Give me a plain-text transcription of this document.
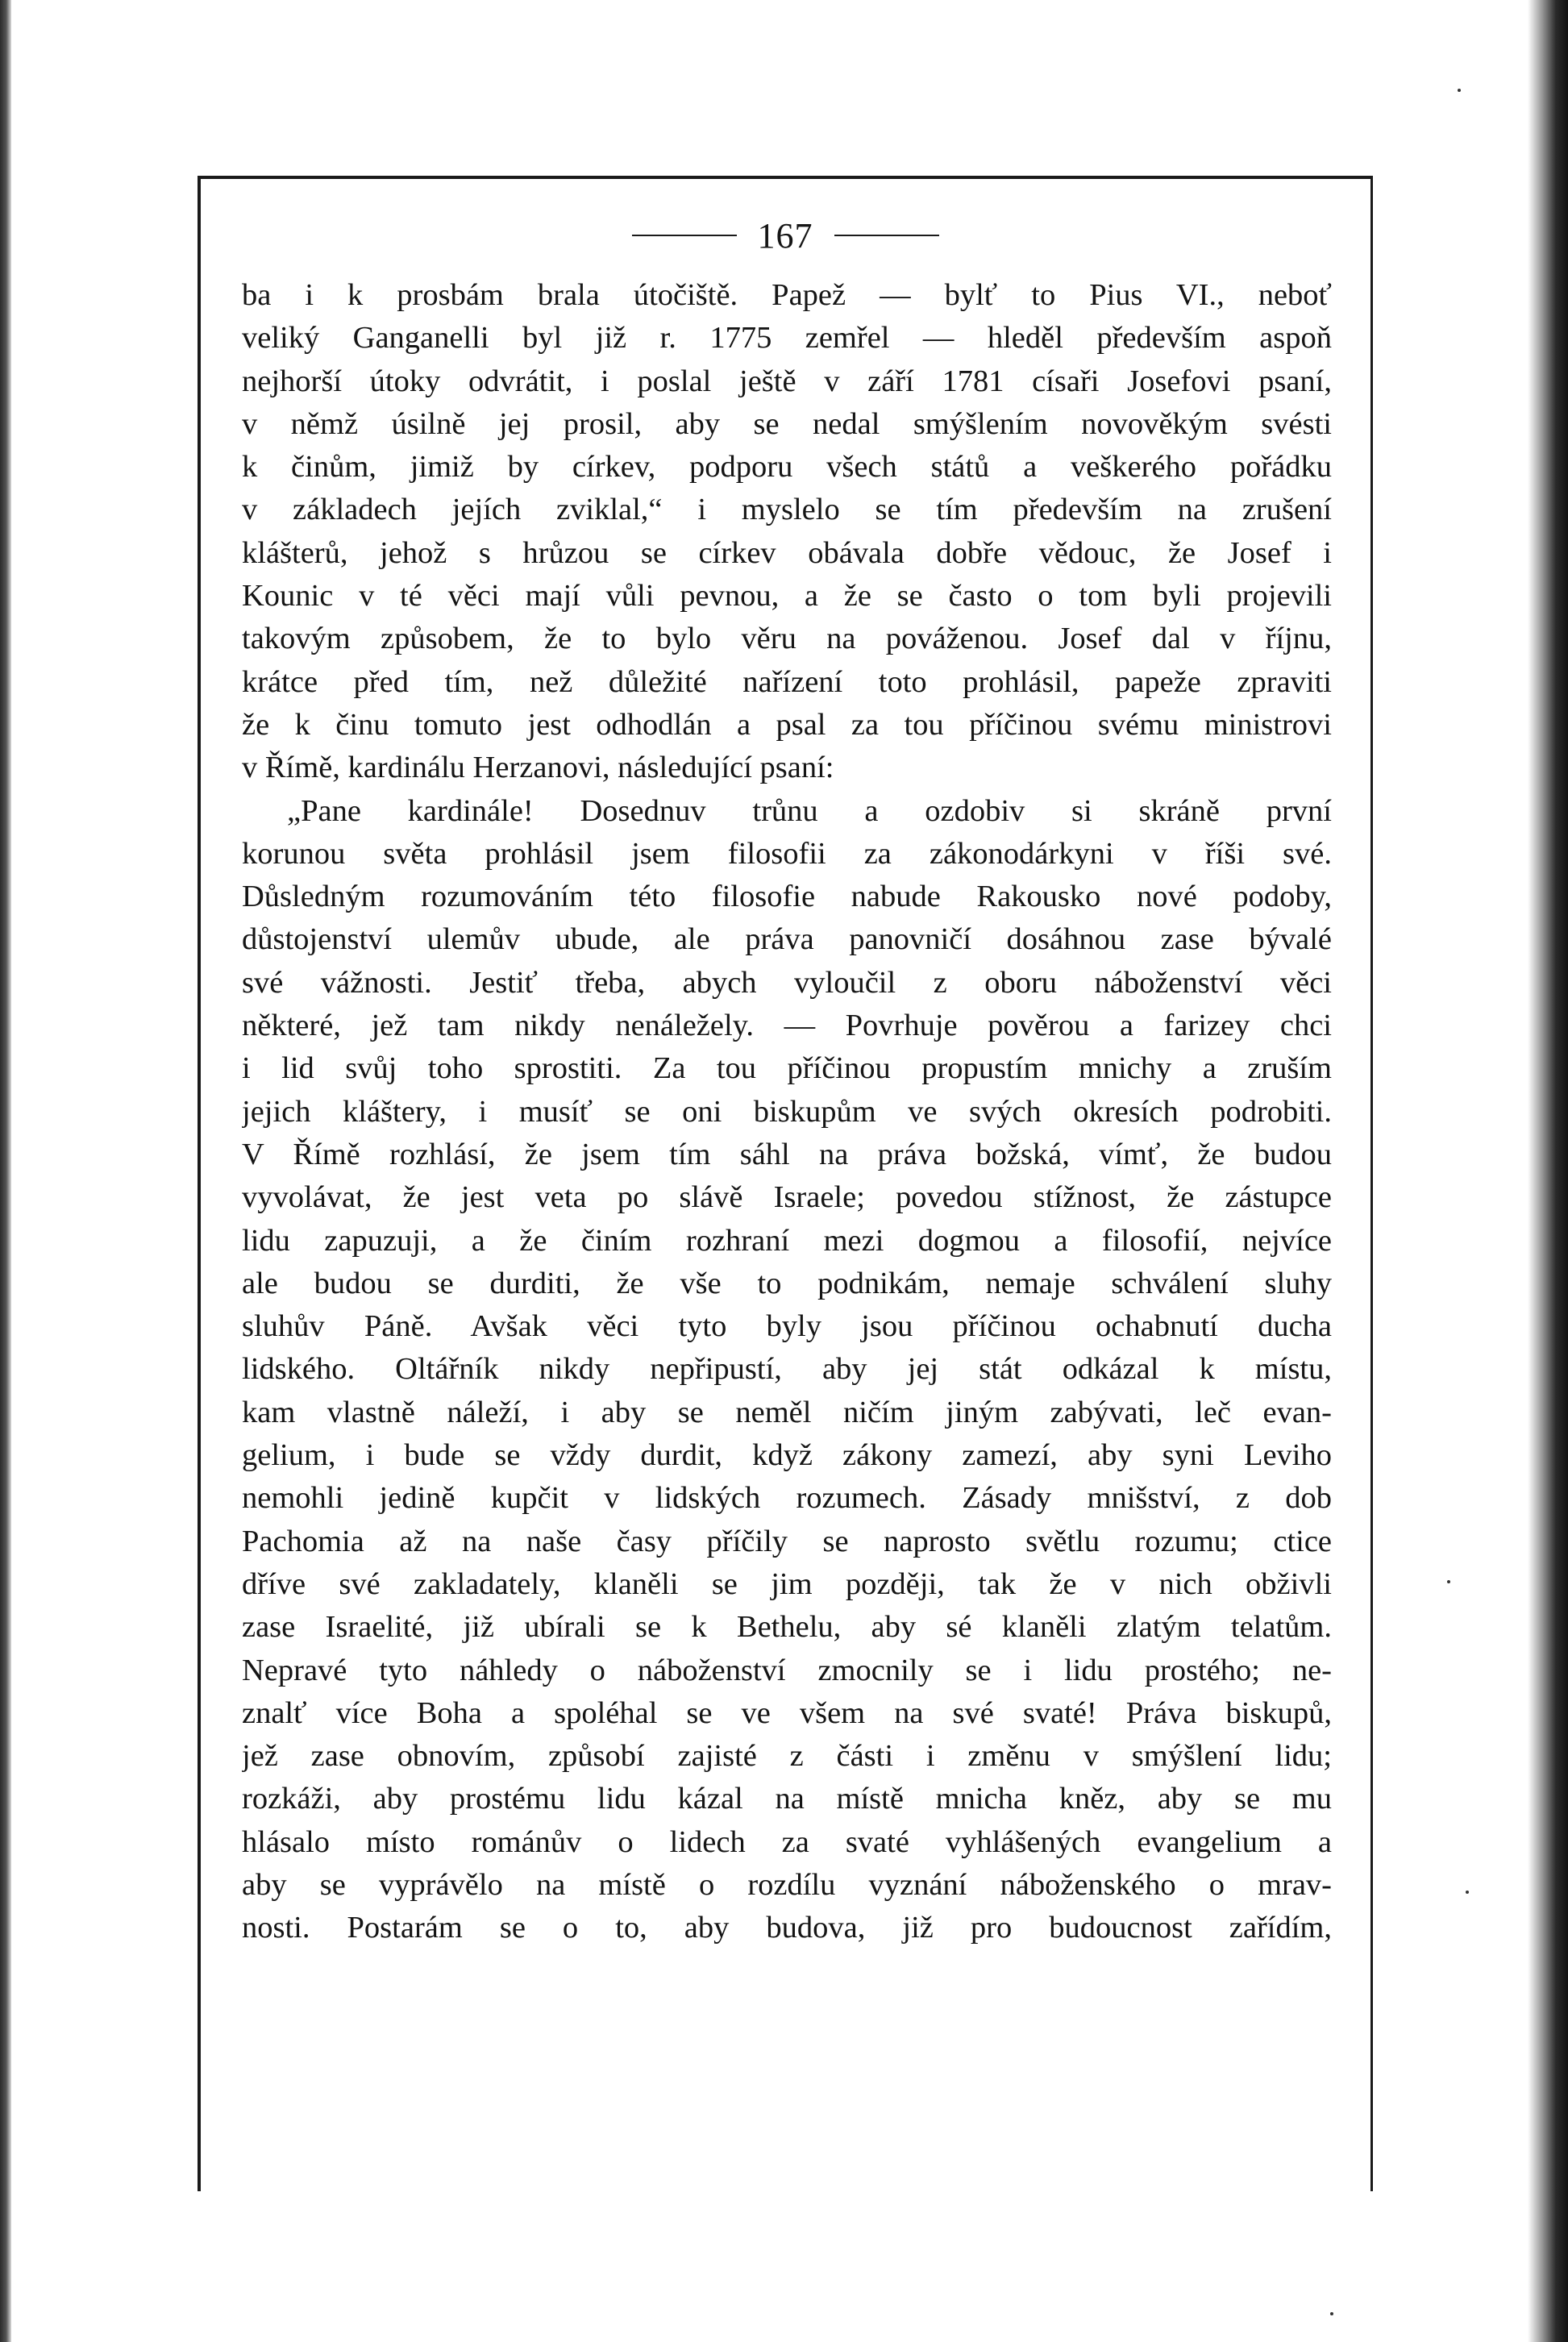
167
ba i k prosbám brala útočiště. Papež — bylť to Pius VI., neboť
veliký Ganganelli byl již r. 1775 zemřel — hleděl především aspoň
nejhorší útoky odvrátit, i poslal ještě v září 1781 císaři Josefovi psaní,
v němž úsilně jej prosil, aby se nedal smýšlením novověkým svésti
k činům, jimiž by církev, podporu všech států a veškerého pořádku
v základech jejích zviklal,“ i myslelo se tím především na zrušení
klášterů, jehož s hrůzou se církev obávala dobře vědouc, že Josef i
Kounic v té věci mají vůli pevnou, a že se často o tom byli projevili
takovým způsobem, že to bylo věru na pováženou. Josef dal v říjnu,
krátce před tím, než důležité nařízení toto prohlásil, papeže zpraviti
že k činu tomuto jest odhodlán a psal za tou příčinou svému ministrovi
v Římě, kardinálu Herzanovi, následující psaní:
„Pane kardinále! Dosednuv trůnu a ozdobiv si skráně první
korunou světa prohlásil jsem filosofii za zákonodárkyni v říši své.
Důsledným rozumováním této filosofie nabude Rakousko nové podoby,
důstojenství ulemův ubude, ale práva panovničí dosáhnou zase bývalé
své vážnosti. Jestiť třeba, abych vyloučil z oboru náboženství věci
některé, jež tam nikdy nenáležely. — Povrhuje pověrou a farizey chci
i lid svůj toho sprostiti. Za tou příčinou propustím mnichy a zruším
jejich kláštery, i musíť se oni biskupům ve svých okresích podrobiti.
V Římě rozhlásí, že jsem tím sáhl na práva božská, vímť, že budou
vyvolávat, že jest veta po slávě Israele; povedou stížnost, že zástupce
lidu zapuzuji, a že činím rozhraní mezi dogmou a filosofií, nejvíce
ale budou se durditi, že vše to podnikám, nemaje schválení sluhy
sluhův Páně. Avšak věci tyto byly jsou příčinou ochabnutí ducha
lidského. Oltářník nikdy nepřipustí, aby jej stát odkázal k místu,
kam vlastně náleží, i aby se neměl ničím jiným zabývati, leč evan-
gelium, i bude se vždy durdit, když zákony zamezí, aby syni Leviho
nemohli jedině kupčit v lidských rozumech. Zásady mnišství, z dob
Pachomia až na naše časy příčily se naprosto světlu rozumu; ctice
dříve své zakladately, klaněli se jim později, tak že v nich obživli
zase Israelité, již ubírali se k Bethelu, aby sé klaněli zlatým telatům.
Nepravé tyto náhledy o náboženství zmocnily se i lidu prostého; ne-
znalť více Boha a spoléhal se ve všem na své svaté! Práva biskupů,
jež zase obnovím, způsobí zajisté z části i změnu v smýšlení lidu;
rozkáži, aby prostému lidu kázal na místě mnicha kněz, aby se mu
hlásalo místo románův o lidech za svaté vyhlášených evangelium a
aby se vyprávělo na místě o rozdílu vyznání náboženského o mrav-
nosti. Postarám se o to, aby budova, již pro budoucnost zařídím,
